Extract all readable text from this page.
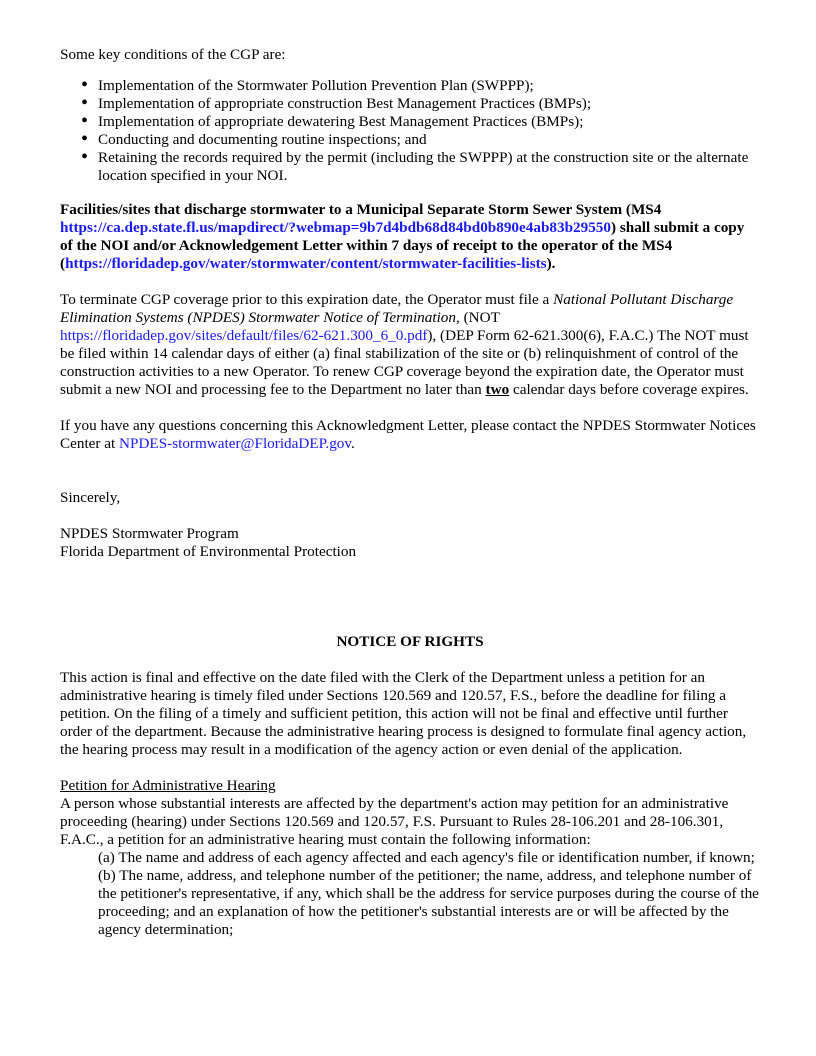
Some key conditions of the CGP are:

• Implementation of the Stormwater Pollution Prevention Plan (SWPPP);
• Implementation of appropriate construction Best Management Practices (BMPs);
• Implementation of appropriate dewatering Best Management Practices (BMPs);
• Conducting and documenting routine inspections; and
• Retaining the records required by the permit (including the SWPPP) at the construction site or the alternate location specified in your NOI.

Facilities/sites that discharge stormwater to a Municipal Separate Storm Sewer System (MS4 https://ca.dep.state.fl.us/mapdirect/?webmap=9b7d4bdb68d84bd0b890e4ab83b29550) shall submit a copy of the NOI and/or Acknowledgement Letter within 7 days of receipt to the operator of the MS4 (https://floridadep.gov/water/stormwater/content/stormwater-facilities-lists).

To terminate CGP coverage prior to this expiration date, the Operator must file a National Pollutant Discharge Elimination Systems (NPDES) Stormwater Notice of Termination, (NOT https://floridadep.gov/sites/default/files/62-621.300_6_0.pdf), (DEP Form 62-621.300(6), F.A.C.) The NOT must be filed within 14 calendar days of either (a) final stabilization of the site or (b) relinquishment of control of the construction activities to a new Operator. To renew CGP coverage beyond the expiration date, the Operator must submit a new NOI and processing fee to the Department no later than two calendar days before coverage expires.

If you have any questions concerning this Acknowledgment Letter, please contact the NPDES Stormwater Notices Center at NPDES-stormwater@FloridaDEP.gov.

Sincerely,

NPDES Stormwater Program

Florida Department of Environmental Protection

NOTICE OF RIGHTS

This action is final and effective on the date filed with the Clerk of the Department unless a petition for an administrative hearing is timely filed under Sections 120.569 and 120.57, F.S., before the deadline for filing a petition. On the filing of a timely and sufficient petition, this action will not be final and effective until further order of the department. Because the administrative hearing process is designed to formulate final agency action, the hearing process may result in a modification of the agency action or even denial of the application.

Petition for Administrative Hearing

A person whose substantial interests are affected by the department's action may petition for an administrative proceeding (hearing) under Sections 120.569 and 120.57, F.S. Pursuant to Rules 28-106.201 and 28-106.301, F.A.C., a petition for an administrative hearing must contain the following information:

(a) The name and address of each agency affected and each agency's file or identification number, if known;

(b) The name, address, and telephone number of the petitioner; the name, address, and telephone number of the petitioner's representative, if any, which shall be the address for service purposes during the course of the proceeding; and an explanation of how the petitioner's substantial interests are or will be affected by the agency determination;
